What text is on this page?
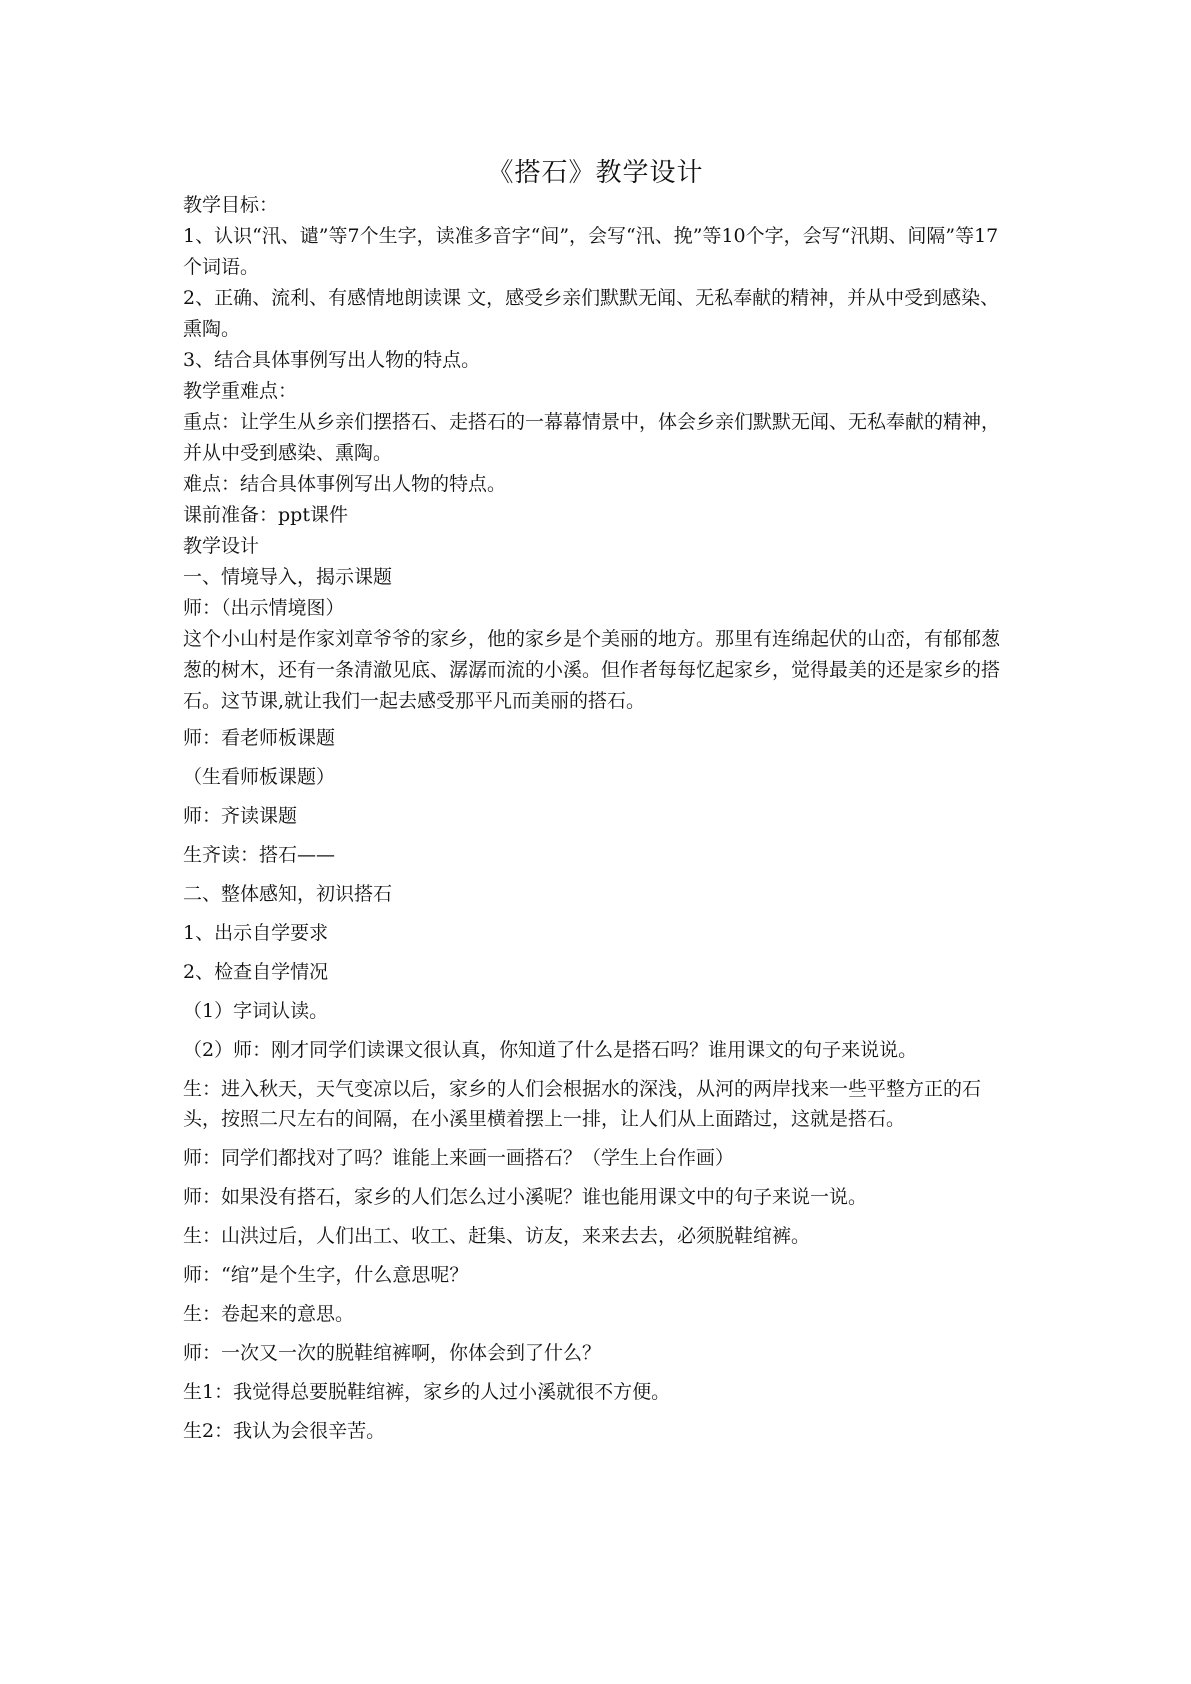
《搭石》教学设计

教学目标：

1、认识“汛、谴”等7个生字，读准多音字“间”，会写“汛、挽”等10个字，会写“汛期、间隔”等17个词语。

2、正确、流利、有感情地朗读课 文，感受乡亲们默默无闻、无私奉献的精神，并从中受到感染、熏陶。

3、结合具体事例写出人物的特点。

教学重难点：

重点：让学生从乡亲们摆搭石、走搭石的一幕幕情景中，体会乡亲们默默无闻、无私奉献的精神，并从中受到感染、熏陶。

难点：结合具体事例写出人物的特点。

课前准备：ppt课件

教学设计

一、情境导入，揭示课题

师：（出示情境图）

这个小山村是作家刘章爷爷的家乡，他的家乡是个美丽的地方。那里有连绵起伏的山峦，有郁郁葱葱的树木，还有一条清澈见底、潺潺而流的小溪。但作者每每忆起家乡，觉得最美的还是家乡的搭石。这节课,就让我们一起去感受那平凡而美丽的搭石。

师：看老师板课题

（生看师板课题）

师：齐读课题

生齐读：搭石——

二、整体感知，初识搭石

1、出示自学要求

2、检查自学情况

（1）字词认读。

（2）师：刚才同学们读课文很认真，你知道了什么是搭石吗？谁用课文的句子来说说。

生：进入秋天，天气变凉以后，家乡的人们会根据水的深浅，从河的两岸找来一些平整方正的石头，按照二尺左右的间隔，在小溪里横着摆上一排，让人们从上面踏过，这就是搭石。

师：同学们都找对了吗？谁能上来画一画搭石？（学生上台作画）

师：如果没有搭石，家乡的人们怎么过小溪呢？谁也能用课文中的句子来说一说。

生：山洪过后，人们出工、收工、赶集、访友，来来去去，必须脱鞋绾裤。

师：“绾”是个生字，什么意思呢？

生：卷起来的意思。

师：一次又一次的脱鞋绾裤啊，你体会到了什么？

生1：我觉得总要脱鞋绾裤，家乡的人过小溪就很不方便。

生2：我认为会很辛苦。
